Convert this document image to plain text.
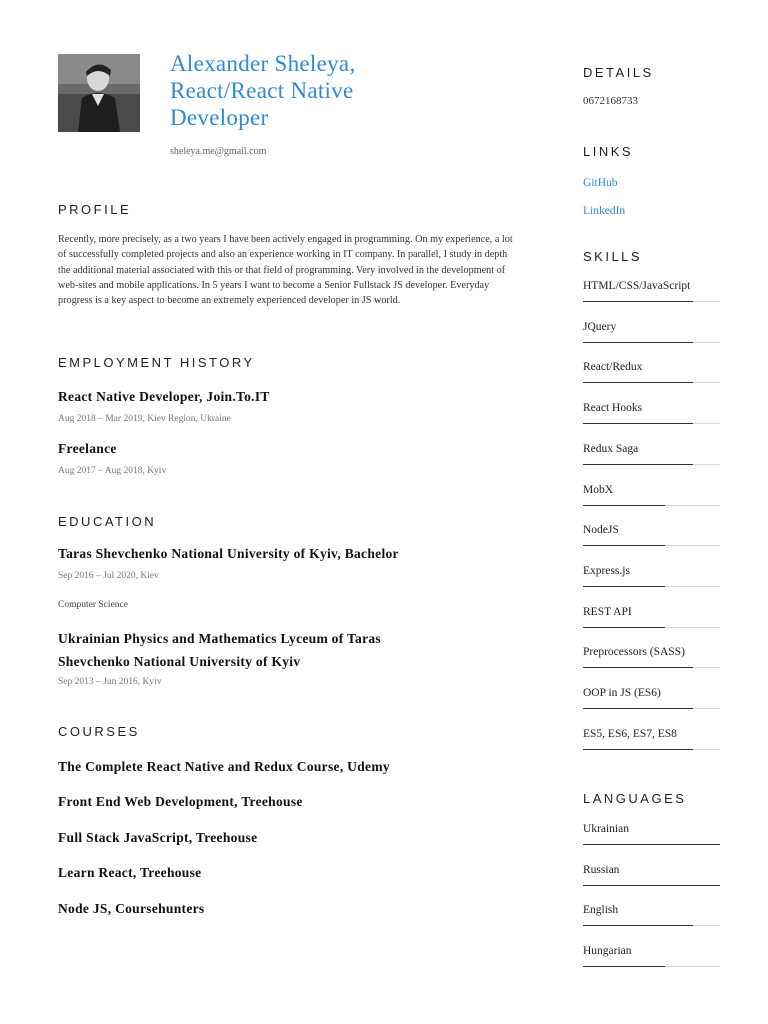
Alexander Sheleya,
React/React Native
Developer
sheleya.me@gmail.com
PROFILE
Recently, more precisely, as a two years I have been actively engaged in programming. On my experience, a lot of successfully completed projects and also an experience working in IT company. In parallel, I study in depth the additional material associated with this or that field of programming. Very involved in the development of web-sites and mobile applications. In 5 years I want to become a Senior Fullstack JS developer. Everyday progress is a key aspect to become an extremely experienced developer in JS world.
EMPLOYMENT HISTORY
React Native Developer, Join.To.IT
Aug 2018 – Mar 2019, Kiev Region, Ukraine
Freelance
Aug 2017 – Aug 2018, Kyiv
EDUCATION
Taras Shevchenko National University of Kyiv, Bachelor
Sep 2016 – Jul 2020, Kiev
Computer Science
Ukrainian Physics and Mathematics Lyceum of Taras
Shevchenko National University of Kyiv
Sep 2013 – Jun 2016, Kyiv
COURSES
The Complete React Native and Redux Course, Udemy
Front End Web Development, Treehouse
Full Stack JavaScript, Treehouse
Learn React, Treehouse
Node JS, Coursehunters
DETAILS
0672168733
LINKS
GitHub
LinkedIn
SKILLS
HTML/CSS/JavaScript
JQuery
React/Redux
React Hooks
Redux Saga
MobX
NodeJS
Express.js
REST API
Preprocessors (SASS)
OOP in JS (ES6)
ES5, ES6, ES7, ES8
LANGUAGES
Ukrainian
Russian
English
Hungarian
